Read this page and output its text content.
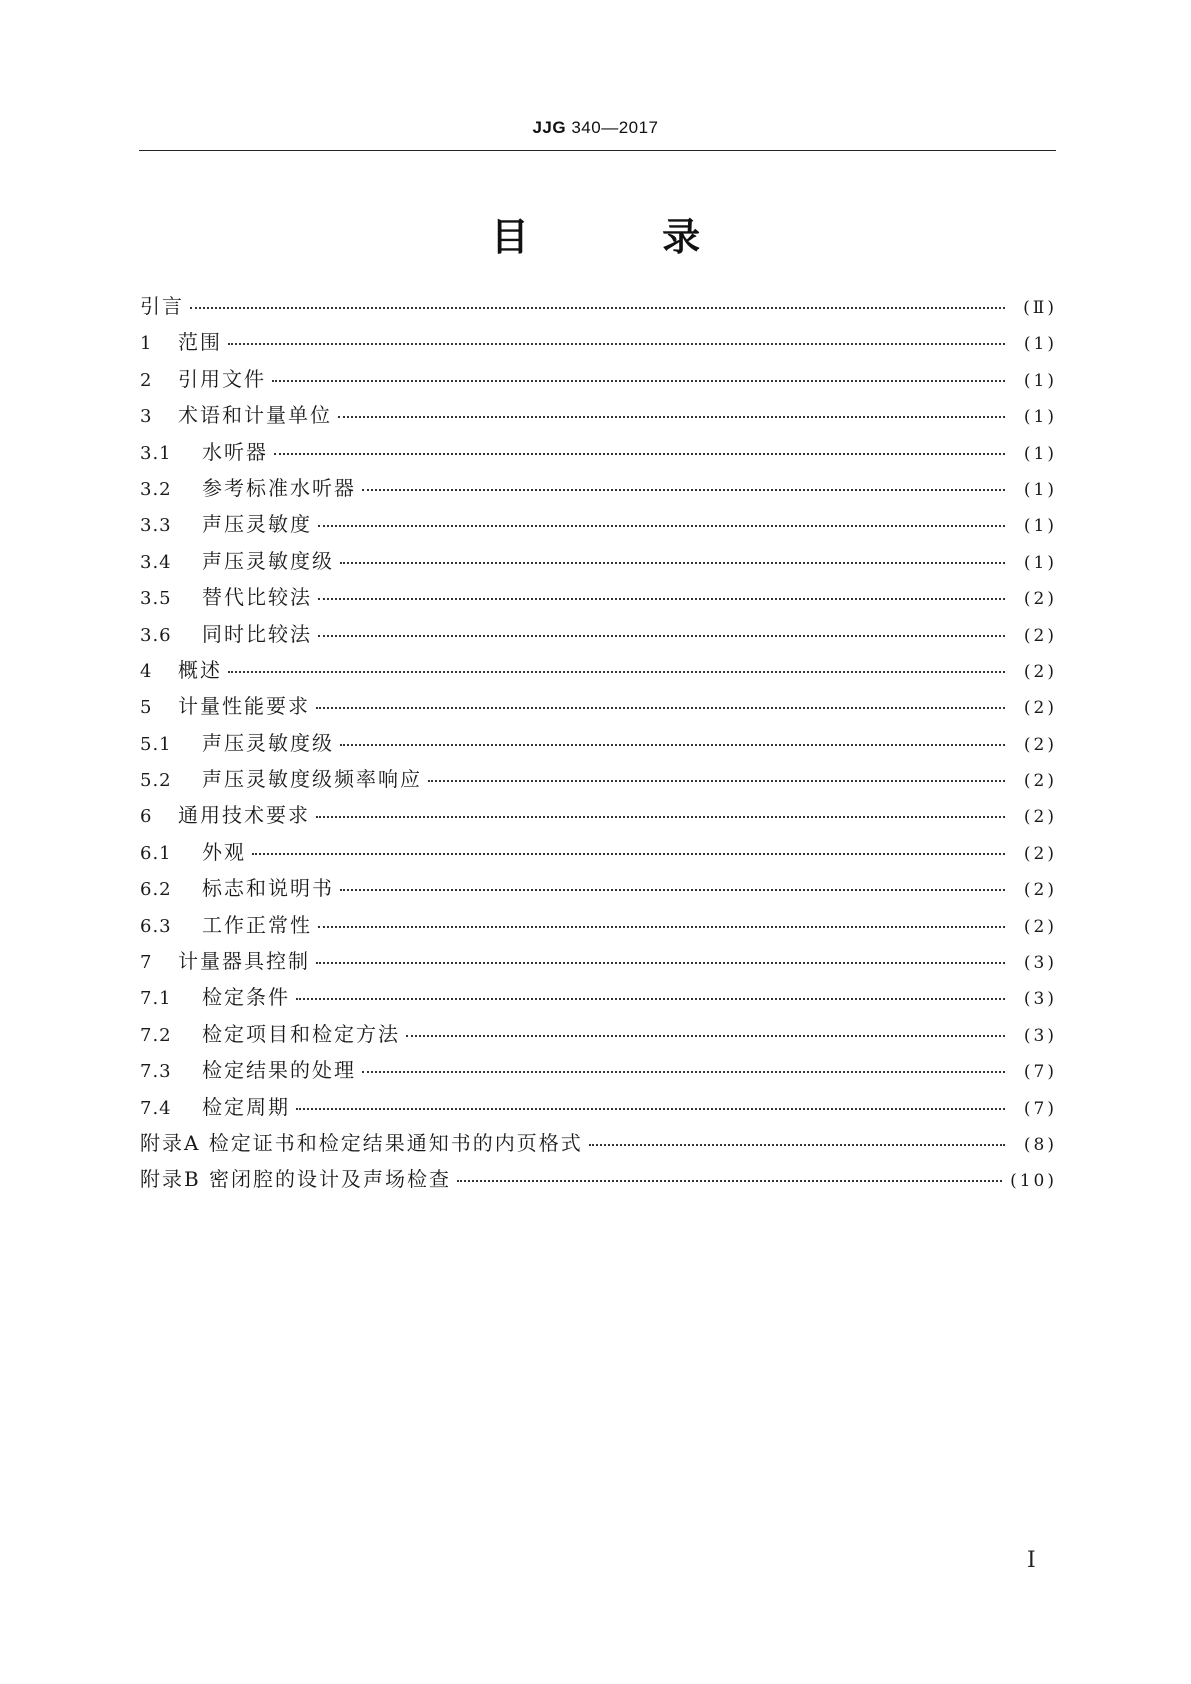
JJG 340—2017
目 录
引言	(Ⅱ)
1	范围	(1)
2	引用文件	(1)
3	术语和计量单位	(1)
3.1	水听器	(1)
3.2	参考标准水听器	(1)
3.3	声压灵敏度	(1)
3.4	声压灵敏度级	(1)
3.5	替代比较法	(2)
3.6	同时比较法	(2)
4	概述	(2)
5	计量性能要求	(2)
5.1	声压灵敏度级	(2)
5.2	声压灵敏度级频率响应	(2)
6	通用技术要求	(2)
6.1	外观	(2)
6.2	标志和说明书	(2)
6.3	工作正常性	(2)
7	计量器具控制	(3)
7.1	检定条件	(3)
7.2	检定项目和检定方法	(3)
7.3	检定结果的处理	(7)
7.4	检定周期	(7)
附录A 检定证书和检定结果通知书的内页格式	(8)
附录B 密闭腔的设计及声场检查	(10)
Ⅰ
